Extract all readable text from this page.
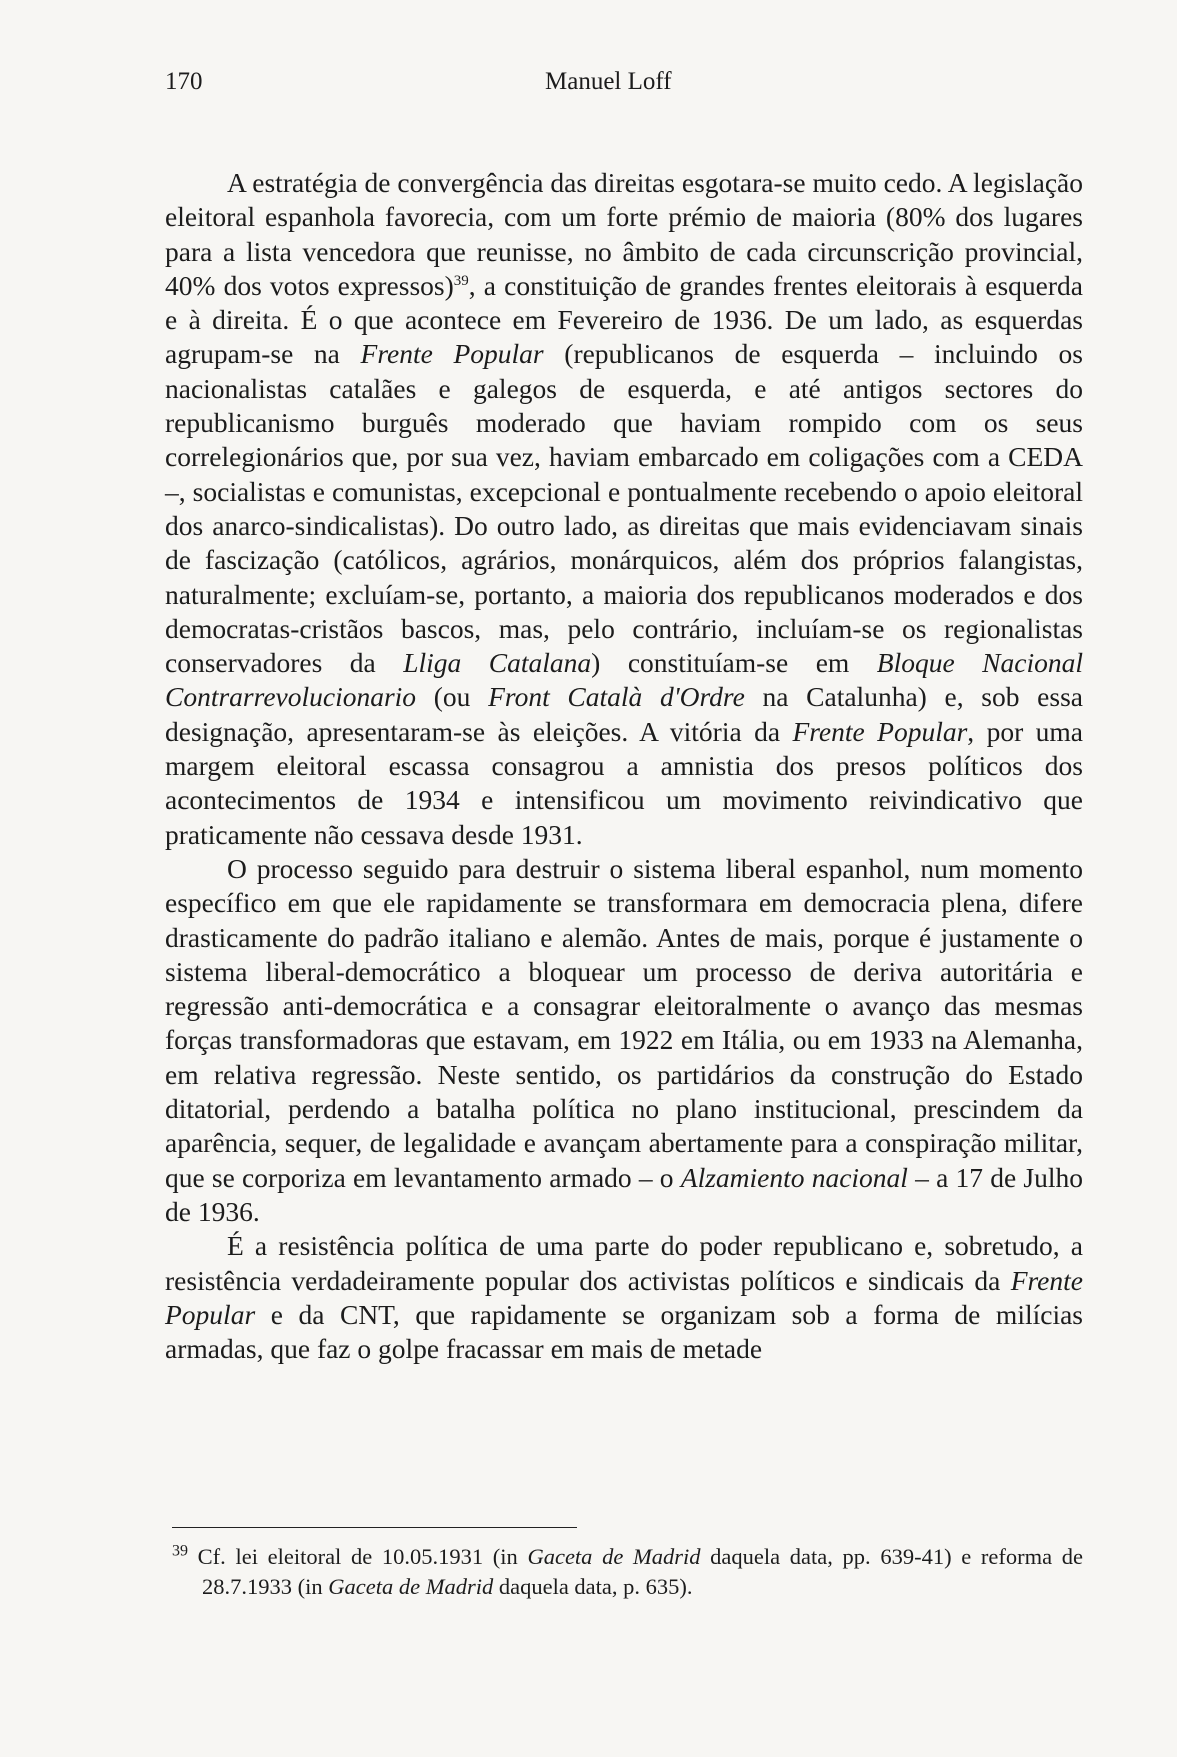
170	Manuel Loff

A estratégia de convergência das direitas esgotara-se muito cedo. A legislação eleitoral espanhola favorecia, com um forte prémio de maioria (80% dos lugares para a lista vencedora que reunisse, no âmbito de cada circunscrição provincial, 40% dos votos expressos)$^{39}$, a constituição de grandes frentes eleitorais à esquerda e à direita. É o que acontece em Fevereiro de 1936. De um lado, as esquerdas agrupam-se na Frente Popular (republicanos de esquerda – incluindo os nacionalistas catalães e galegos de esquerda, e até antigos sectores do republicanismo burguês moderado que haviam rompido com os seus correlegionários que, por sua vez, haviam embarcado em coligações com a CEDA –, socialistas e comunistas, excepcional e pontualmente recebendo o apoio eleitoral dos anarco-sindicalistas). Do outro lado, as direitas que mais evidenciavam sinais de fascização (católicos, agrários, monárquicos, além dos próprios falangistas, naturalmente; excluíam-se, portanto, a maioria dos republicanos moderados e dos democratas-cristãos bascos, mas, pelo contrário, incluíam-se os regionalistas conservadores da Lliga Catalana) constituíam-se em Bloque Nacional Contrarrevolucionario (ou Front Català d'Ordre na Catalunha) e, sob essa designação, apresentaram-se às eleições. A vitória da Frente Popular, por uma margem eleitoral escassa consagrou a amnistia dos presos políticos dos acontecimentos de 1934 e intensificou um movimento reivindicativo que praticamente não cessava desde 1931.

O processo seguido para destruir o sistema liberal espanhol, num momento específico em que ele rapidamente se transformara em democracia plena, difere drasticamente do padrão italiano e alemão. Antes de mais, porque é justamente o sistema liberal-democrático a bloquear um processo de deriva autoritária e regressão anti-democrática e a consagrar eleitoralmente o avanço das mesmas forças transformadoras que estavam, em 1922 em Itália, ou em 1933 na Alemanha, em relativa regressão. Neste sentido, os partidários da construção do Estado ditatorial, perdendo a batalha política no plano institucional, prescindem da aparência, sequer, de legalidade e avançam abertamente para a conspiração militar, que se corporiza em levantamento armado – o Alzamiento nacional – a 17 de Julho de 1936.

É a resistência política de uma parte do poder republicano e, sobretudo, a resistência verdadeiramente popular dos activistas políticos e sindicais da Frente Popular e da CNT, que rapidamente se organizam sob a forma de milícias armadas, que faz o golpe fracassar em mais de metade

$^{39}$ Cf. lei eleitoral de 10.05.1931 (in Gaceta de Madrid daquela data, pp. 639-41) e reforma de 28.7.1933 (in Gaceta de Madrid daquela data, p. 635).
